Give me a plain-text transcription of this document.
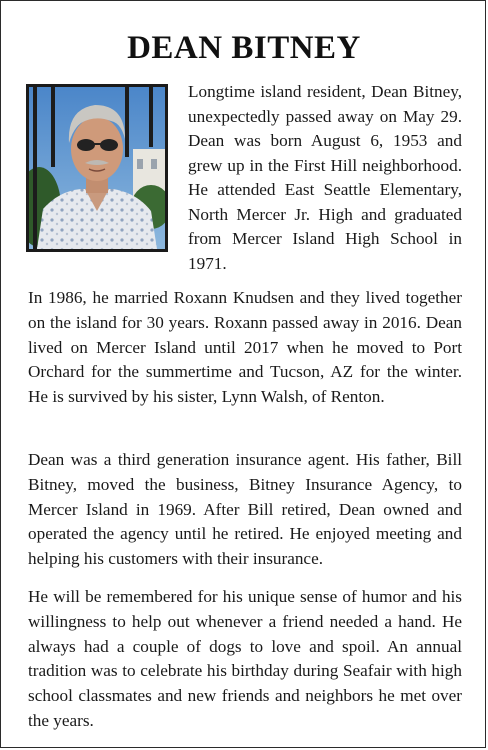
DEAN BITNEY

Longtime island resident, Dean Bitney, unexpectedly passed away on May 29. Dean was born August 6, 1953 and grew up in the First Hill neighborhood. He attended East Seattle Elementary, North Mercer Jr. High and graduated from Mercer Island High School in 1971.

In 1986, he married Roxann Knudsen and they lived together on the island for 30 years. Roxann passed away in 2016. Dean lived on Mercer Island until 2017 when he moved to Port Orchard for the summertime and Tucson, AZ for the winter. He is survived by his sister, Lynn Walsh, of Renton.

Dean was a third generation insurance agent. His father, Bill Bitney, moved the business, Bitney Insurance Agency, to Mercer Island in 1969. After Bill retired, Dean owned and operated the agency until he retired. He enjoyed meeting and helping his customers with their insurance.

He will be remembered for his unique sense of humor and his willingness to help out whenever a friend needed a hand. He always had a couple of dogs to love and spoil. An annual tradition was to celebrate his birthday during Seafair with high school classmates and new friends and neighbors he met over the years.
